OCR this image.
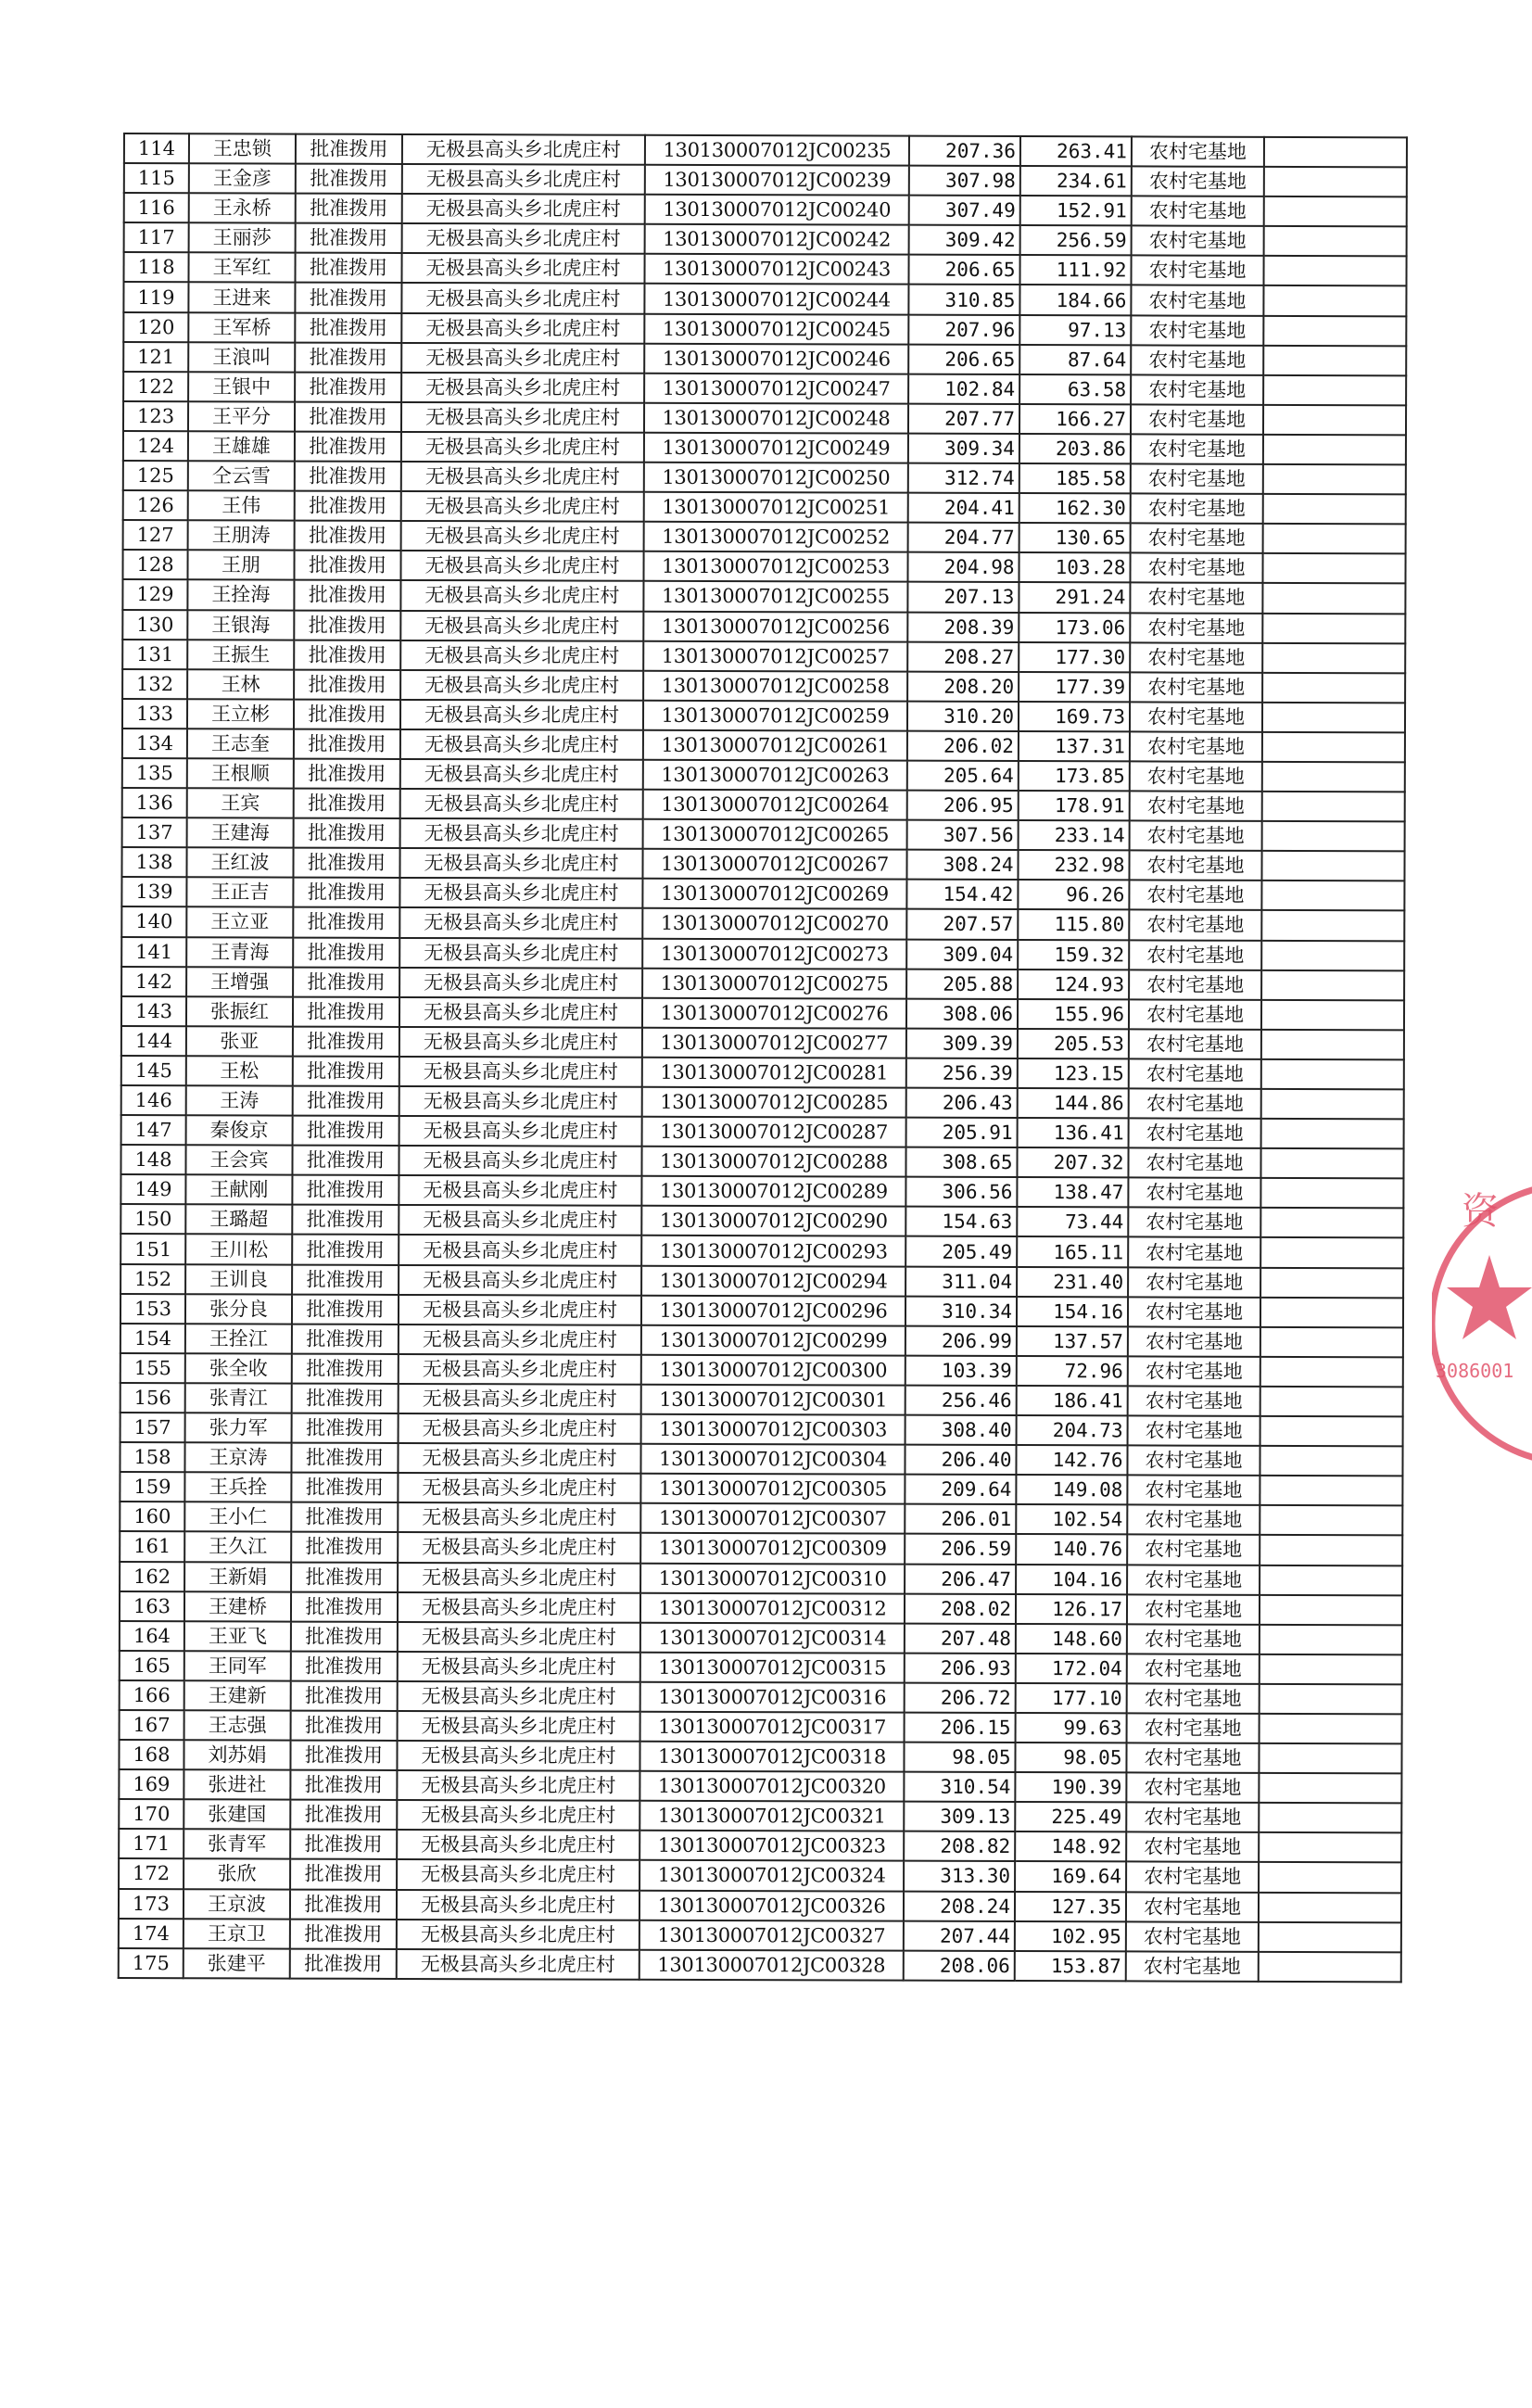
114	王忠锁	批准拨用	无极县高头乡北虎庄村	130130007012JC00235	207.36	263.41	农村宅基地	
115	王金彦	批准拨用	无极县高头乡北虎庄村	130130007012JC00239	307.98	234.61	农村宅基地	
116	王永桥	批准拨用	无极县高头乡北虎庄村	130130007012JC00240	307.49	152.91	农村宅基地	
117	王丽莎	批准拨用	无极县高头乡北虎庄村	130130007012JC00242	309.42	256.59	农村宅基地	
118	王军红	批准拨用	无极县高头乡北虎庄村	130130007012JC00243	206.65	111.92	农村宅基地	
119	王进来	批准拨用	无极县高头乡北虎庄村	130130007012JC00244	310.85	184.66	农村宅基地	
120	王军桥	批准拨用	无极县高头乡北虎庄村	130130007012JC00245	207.96	97.13	农村宅基地	
121	王浪叫	批准拨用	无极县高头乡北虎庄村	130130007012JC00246	206.65	87.64	农村宅基地	
122	王银中	批准拨用	无极县高头乡北虎庄村	130130007012JC00247	102.84	63.58	农村宅基地	
123	王平分	批准拨用	无极县高头乡北虎庄村	130130007012JC00248	207.77	166.27	农村宅基地	
124	王雄雄	批准拨用	无极县高头乡北虎庄村	130130007012JC00249	309.34	203.86	农村宅基地	
125	仝云雪	批准拨用	无极县高头乡北虎庄村	130130007012JC00250	312.74	185.58	农村宅基地	
126	王伟	批准拨用	无极县高头乡北虎庄村	130130007012JC00251	204.41	162.30	农村宅基地	
127	王朋涛	批准拨用	无极县高头乡北虎庄村	130130007012JC00252	204.77	130.65	农村宅基地	
128	王朋	批准拨用	无极县高头乡北虎庄村	130130007012JC00253	204.98	103.28	农村宅基地	
129	王拴海	批准拨用	无极县高头乡北虎庄村	130130007012JC00255	207.13	291.24	农村宅基地	
130	王银海	批准拨用	无极县高头乡北虎庄村	130130007012JC00256	208.39	173.06	农村宅基地	
131	王振生	批准拨用	无极县高头乡北虎庄村	130130007012JC00257	208.27	177.30	农村宅基地	
132	王林	批准拨用	无极县高头乡北虎庄村	130130007012JC00258	208.20	177.39	农村宅基地	
133	王立彬	批准拨用	无极县高头乡北虎庄村	130130007012JC00259	310.20	169.73	农村宅基地	
134	王志奎	批准拨用	无极县高头乡北虎庄村	130130007012JC00261	206.02	137.31	农村宅基地	
135	王根顺	批准拨用	无极县高头乡北虎庄村	130130007012JC00263	205.64	173.85	农村宅基地	
136	王宾	批准拨用	无极县高头乡北虎庄村	130130007012JC00264	206.95	178.91	农村宅基地	
137	王建海	批准拨用	无极县高头乡北虎庄村	130130007012JC00265	307.56	233.14	农村宅基地	
138	王红波	批准拨用	无极县高头乡北虎庄村	130130007012JC00267	308.24	232.98	农村宅基地	
139	王正吉	批准拨用	无极县高头乡北虎庄村	130130007012JC00269	154.42	96.26	农村宅基地	
140	王立亚	批准拨用	无极县高头乡北虎庄村	130130007012JC00270	207.57	115.80	农村宅基地	
141	王青海	批准拨用	无极县高头乡北虎庄村	130130007012JC00273	309.04	159.32	农村宅基地	
142	王增强	批准拨用	无极县高头乡北虎庄村	130130007012JC00275	205.88	124.93	农村宅基地	
143	张振红	批准拨用	无极县高头乡北虎庄村	130130007012JC00276	308.06	155.96	农村宅基地	
144	张亚	批准拨用	无极县高头乡北虎庄村	130130007012JC00277	309.39	205.53	农村宅基地	
145	王松	批准拨用	无极县高头乡北虎庄村	130130007012JC00281	256.39	123.15	农村宅基地	
146	王涛	批准拨用	无极县高头乡北虎庄村	130130007012JC00285	206.43	144.86	农村宅基地	
147	秦俊京	批准拨用	无极县高头乡北虎庄村	130130007012JC00287	205.91	136.41	农村宅基地	
148	王会宾	批准拨用	无极县高头乡北虎庄村	130130007012JC00288	308.65	207.32	农村宅基地	
149	王献刚	批准拨用	无极县高头乡北虎庄村	130130007012JC00289	306.56	138.47	农村宅基地	
150	王璐超	批准拨用	无极县高头乡北虎庄村	130130007012JC00290	154.63	73.44	农村宅基地	
151	王川松	批准拨用	无极县高头乡北虎庄村	130130007012JC00293	205.49	165.11	农村宅基地	
152	王训良	批准拨用	无极县高头乡北虎庄村	130130007012JC00294	311.04	231.40	农村宅基地	
153	张分良	批准拨用	无极县高头乡北虎庄村	130130007012JC00296	310.34	154.16	农村宅基地	
154	王拴江	批准拨用	无极县高头乡北虎庄村	130130007012JC00299	206.99	137.57	农村宅基地	
155	张全收	批准拨用	无极县高头乡北虎庄村	130130007012JC00300	103.39	72.96	农村宅基地	
156	张青江	批准拨用	无极县高头乡北虎庄村	130130007012JC00301	256.46	186.41	农村宅基地	
157	张力军	批准拨用	无极县高头乡北虎庄村	130130007012JC00303	308.40	204.73	农村宅基地	
158	王京涛	批准拨用	无极县高头乡北虎庄村	130130007012JC00304	206.40	142.76	农村宅基地	
159	王兵拴	批准拨用	无极县高头乡北虎庄村	130130007012JC00305	209.64	149.08	农村宅基地	
160	王小仁	批准拨用	无极县高头乡北虎庄村	130130007012JC00307	206.01	102.54	农村宅基地	
161	王久江	批准拨用	无极县高头乡北虎庄村	130130007012JC00309	206.59	140.76	农村宅基地	
162	王新娟	批准拨用	无极县高头乡北虎庄村	130130007012JC00310	206.47	104.16	农村宅基地	
163	王建桥	批准拨用	无极县高头乡北虎庄村	130130007012JC00312	208.02	126.17	农村宅基地	
164	王亚飞	批准拨用	无极县高头乡北虎庄村	130130007012JC00314	207.48	148.60	农村宅基地	
165	王同军	批准拨用	无极县高头乡北虎庄村	130130007012JC00315	206.93	172.04	农村宅基地	
166	王建新	批准拨用	无极县高头乡北虎庄村	130130007012JC00316	206.72	177.10	农村宅基地	
167	王志强	批准拨用	无极县高头乡北虎庄村	130130007012JC00317	206.15	99.63	农村宅基地	
168	刘苏娟	批准拨用	无极县高头乡北虎庄村	130130007012JC00318	98.05	98.05	农村宅基地	
169	张进社	批准拨用	无极县高头乡北虎庄村	130130007012JC00320	310.54	190.39	农村宅基地	
170	张建国	批准拨用	无极县高头乡北虎庄村	130130007012JC00321	309.13	225.49	农村宅基地	
171	张青军	批准拨用	无极县高头乡北虎庄村	130130007012JC00323	208.82	148.92	农村宅基地	
172	张欣	批准拨用	无极县高头乡北虎庄村	130130007012JC00324	313.30	169.64	农村宅基地	
173	王京波	批准拨用	无极县高头乡北虎庄村	130130007012JC00326	208.24	127.35	农村宅基地	
174	王京卫	批准拨用	无极县高头乡北虎庄村	130130007012JC00327	207.44	102.95	农村宅基地	
175	张建平	批准拨用	无极县高头乡北虎庄村	130130007012JC00328	208.06	153.87	农村宅基地	
资
3086001
